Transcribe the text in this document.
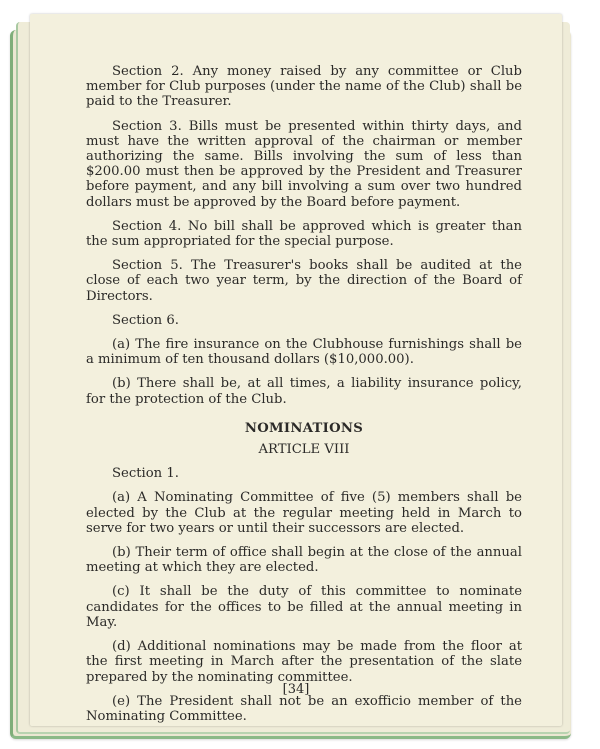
Section 2. Any money raised by any committee or Club member for Club purposes (under the name of the Club) shall be paid to the Treasurer.

Section 3. Bills must be presented within thirty days, and must have the written approval of the chairman or member authorizing the same. Bills involving the sum of less than $200.00 must then be approved by the President and Treasurer before payment, and any bill involving a sum over two hundred dollars must be approved by the Board before payment.

Section 4. No bill shall be approved which is greater than the sum appropriated for the special purpose.

Section 5. The Treasurer's books shall be audited at the close of each two year term, by the direction of the Board of Directors.

Section 6.

(a) The fire insurance on the Clubhouse furnishings shall be a minimum of ten thousand dollars ($10,000.00).

(b) There shall be, at all times, a liability insurance policy, for the protection of the Club.

NOMINATIONS

ARTICLE VIII

Section 1.

(a) A Nominating Committee of five (5) members shall be elected by the Club at the regular meeting held in March to serve for two years or until their successors are elected.

(b) Their term of office shall begin at the close of the annual meeting at which they are elected.

(c) It shall be the duty of this committee to nominate candidates for the offices to be filled at the annual meeting in May.

(d) Additional nominations may be made from the floor at the first meeting in March after the presentation of the slate prepared by the nominating committee.

(e) The President shall not be an exofficio member of the Nominating Committee.

[34]
